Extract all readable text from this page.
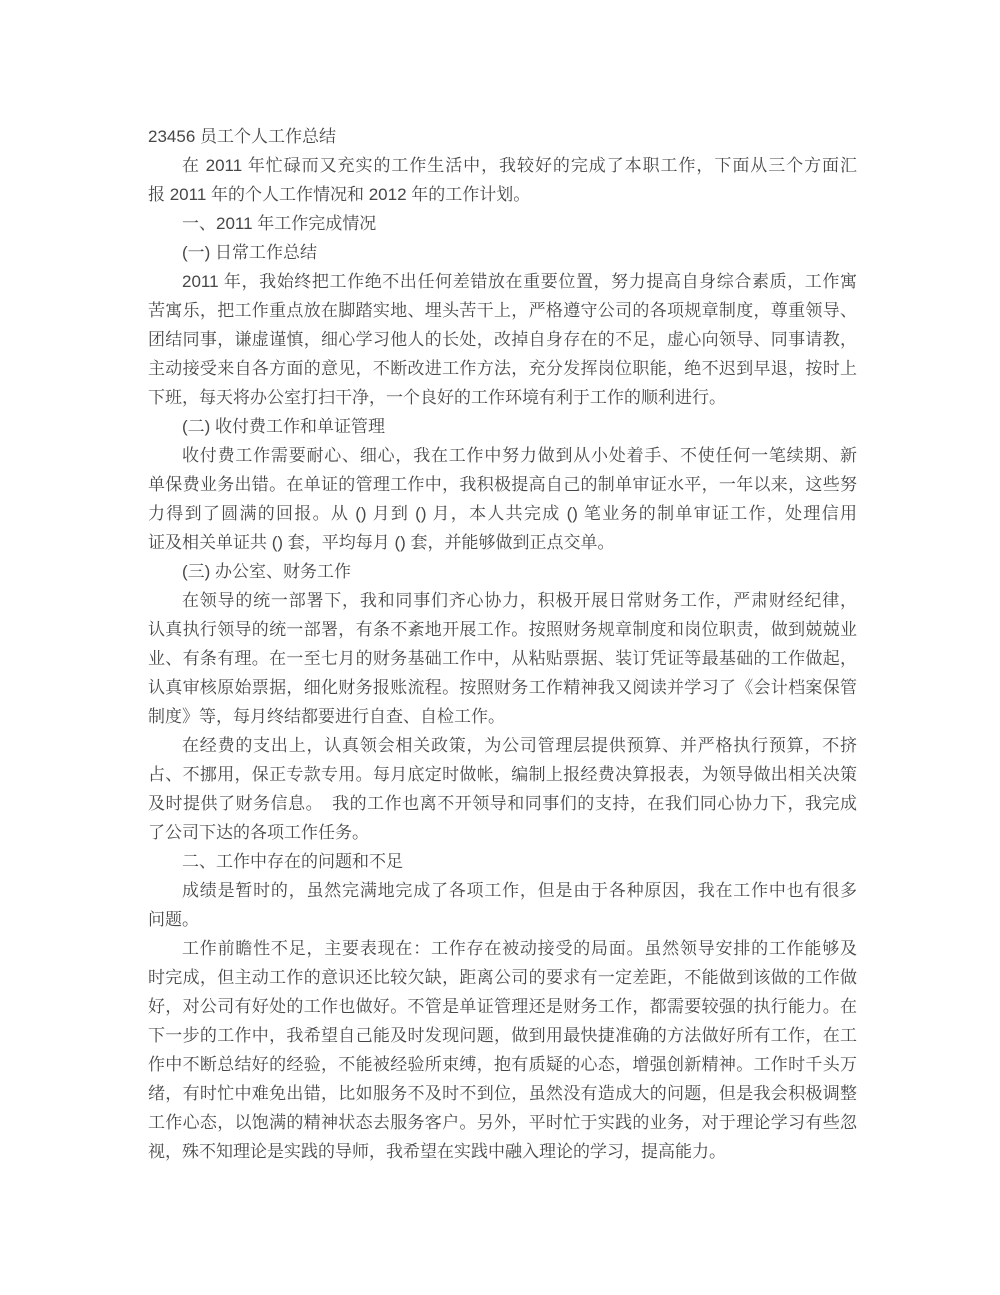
23456 员工个人工作总结
在 2011 年忙碌而又充实的工作生活中，我较好的完成了本职工作，下面从三个方面汇
报 2011 年的个人工作情况和 2012 年的工作计划。
一、2011 年工作完成情况
(一) 日常工作总结
2011 年，我始终把工作绝不出任何差错放在重要位置，努力提高自身综合素质，工作寓
苦寓乐，把工作重点放在脚踏实地、埋头苦干上，严格遵守公司的各项规章制度，尊重领导、
团结同事，谦虚谨慎，细心学习他人的长处，改掉自身存在的不足，虚心向领导、同事请教，
主动接受来自各方面的意见，不断改进工作方法，充分发挥岗位职能，绝不迟到早退，按时上
下班，每天将办公室打扫干净，一个良好的工作环境有利于工作的顺利进行。
(二) 收付费工作和单证管理
收付费工作需要耐心、细心，我在工作中努力做到从小处着手、不使任何一笔续期、新
单保费业务出错。在单证的管理工作中，我积极提高自己的制单审证水平，一年以来，这些努
力得到了圆满的回报。从 () 月到 () 月，本人共完成 () 笔业务的制单审证工作，处理信用
证及相关单证共 () 套，平均每月 () 套，并能够做到正点交单。
(三) 办公室、财务工作
在领导的统一部署下，我和同事们齐心协力，积极开展日常财务工作，严肃财经纪律，
认真执行领导的统一部署，有条不紊地开展工作。按照财务规章制度和岗位职责，做到兢兢业
业、有条有理。在一至七月的财务基础工作中，从粘贴票据、装订凭证等最基础的工作做起，
认真审核原始票据，细化财务报账流程。按照财务工作精神我又阅读并学习了《会计档案保管
制度》等，每月终结都要进行自查、自检工作。
在经费的支出上，认真领会相关政策，为公司管理层提供预算、并严格执行预算，不挤
占、不挪用，保正专款专用。每月底定时做帐，编制上报经费决算报表，为领导做出相关决策
及时提供了财务信息。　我的工作也离不开领导和同事们的支持，在我们同心协力下，我完成
了公司下达的各项工作任务。
二、工作中存在的问题和不足
成绩是暂时的，虽然完满地完成了各项工作，但是由于各种原因，我在工作中也有很多
问题。
工作前瞻性不足，主要表现在：工作存在被动接受的局面。虽然领导安排的工作能够及
时完成，但主动工作的意识还比较欠缺，距离公司的要求有一定差距，不能做到该做的工作做
好，对公司有好处的工作也做好。不管是单证管理还是财务工作，都需要较强的执行能力。在
下一步的工作中，我希望自己能及时发现问题，做到用最快捷准确的方法做好所有工作，在工
作中不断总结好的经验，不能被经验所束缚，抱有质疑的心态，增强创新精神。工作时千头万
绪，有时忙中难免出错，比如服务不及时不到位，虽然没有造成大的问题，但是我会积极调整
工作心态，以饱满的精神状态去服务客户。另外，平时忙于实践的业务，对于理论学习有些忽
视，殊不知理论是实践的导师，我希望在实践中融入理论的学习，提高能力。
